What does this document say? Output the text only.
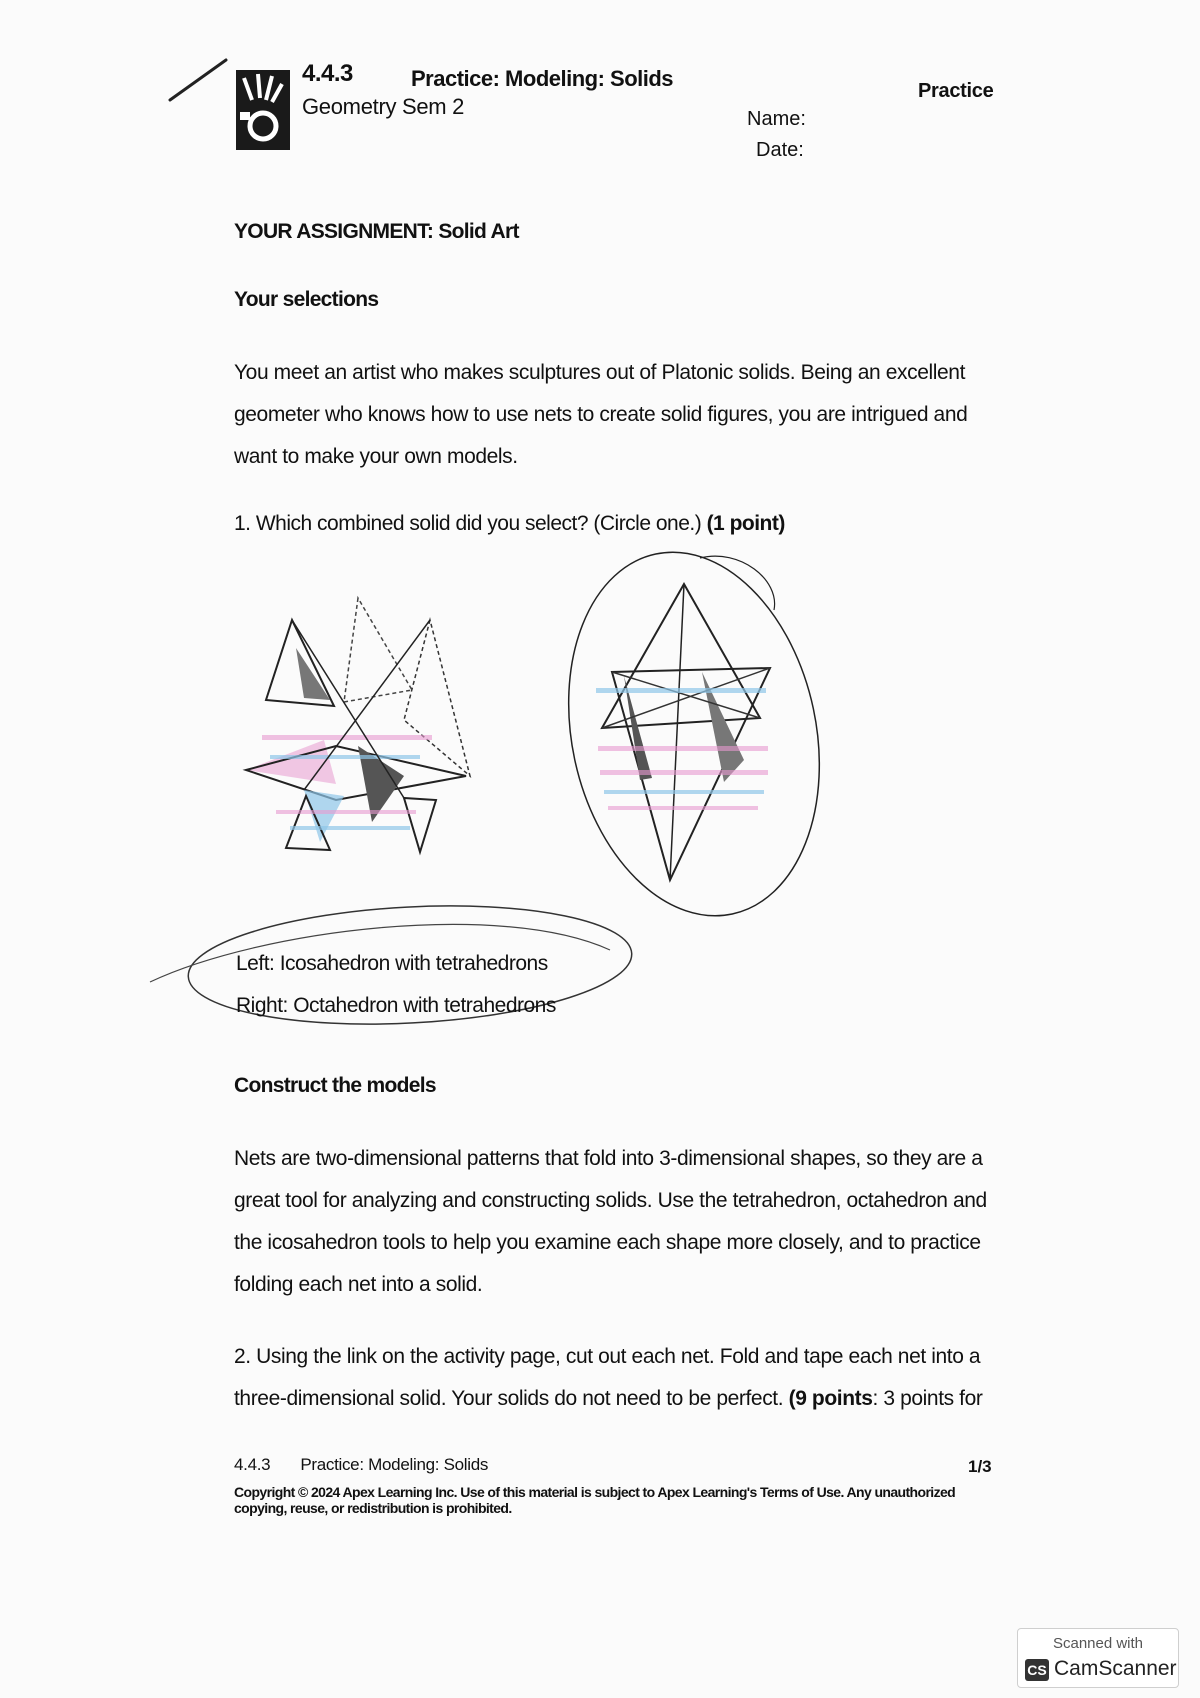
4.4.3	Practice: Modeling: Solids
Geometry Sem 2
Practice
Name:
Date:
YOUR ASSIGNMENT: Solid Art
Your selections
You meet an artist who makes sculptures out of Platonic solids. Being an excellent geometer who knows how to use nets to create solid figures, you are intrigued and want to make your own models.
1. Which combined solid did you select? (Circle one.) (1 point)
Left: Icosahedron with tetrahedrons
Right: Octahedron with tetrahedrons
Construct the models
Nets are two-dimensional patterns that fold into 3-dimensional shapes, so they are a great tool for analyzing and constructing solids. Use the tetrahedron, octahedron and the icosahedron tools to help you examine each shape more closely, and to practice folding each net into a solid.
2. Using the link on the activity page, cut out each net. Fold and tape each net into a three-dimensional solid. Your solids do not need to be perfect. (9 points: 3 points for
4.4.3 Practice: Modeling: Solids	1/3
Copyright © 2024 Apex Learning Inc. Use of this material is subject to Apex Learning's Terms of Use. Any unauthorized copying, reuse, or redistribution is prohibited.
Scanned with
CS CamScanner
